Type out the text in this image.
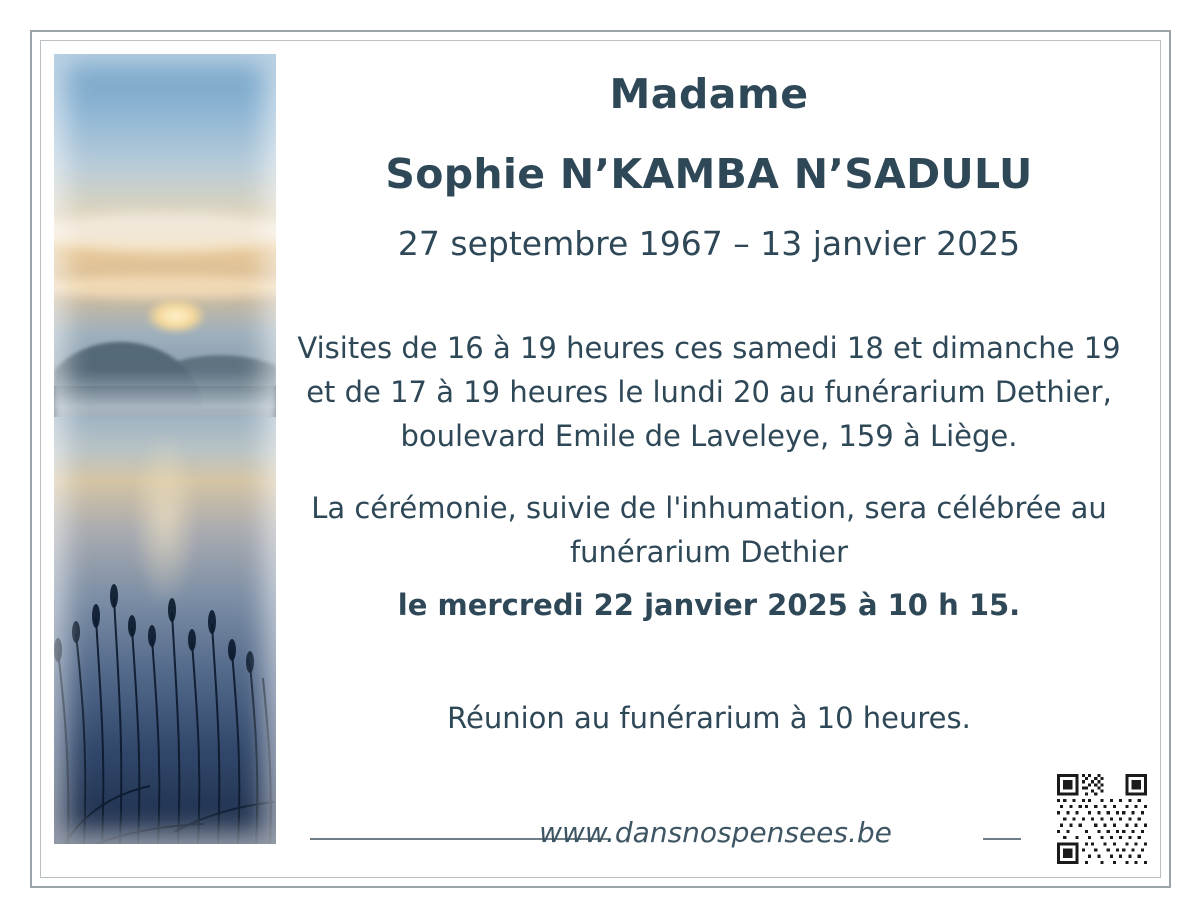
Madame
Sophie N’KAMBA N’SADULU
27 septembre 1967 – 13 janvier 2025

Visites de 16 à 19 heures ces samedi 18 et dimanche 19 et de 17 à 19 heures le lundi 20 au funérarium Dethier, boulevard Emile de Laveleye, 159 à Liège.

La cérémonie, suivie de l'inhumation, sera célébrée au funérarium Dethier

le mercredi 22 janvier 2025 à 10 h 15.

Réunion au funérarium à 10 heures.

www.dansnospensees.be
